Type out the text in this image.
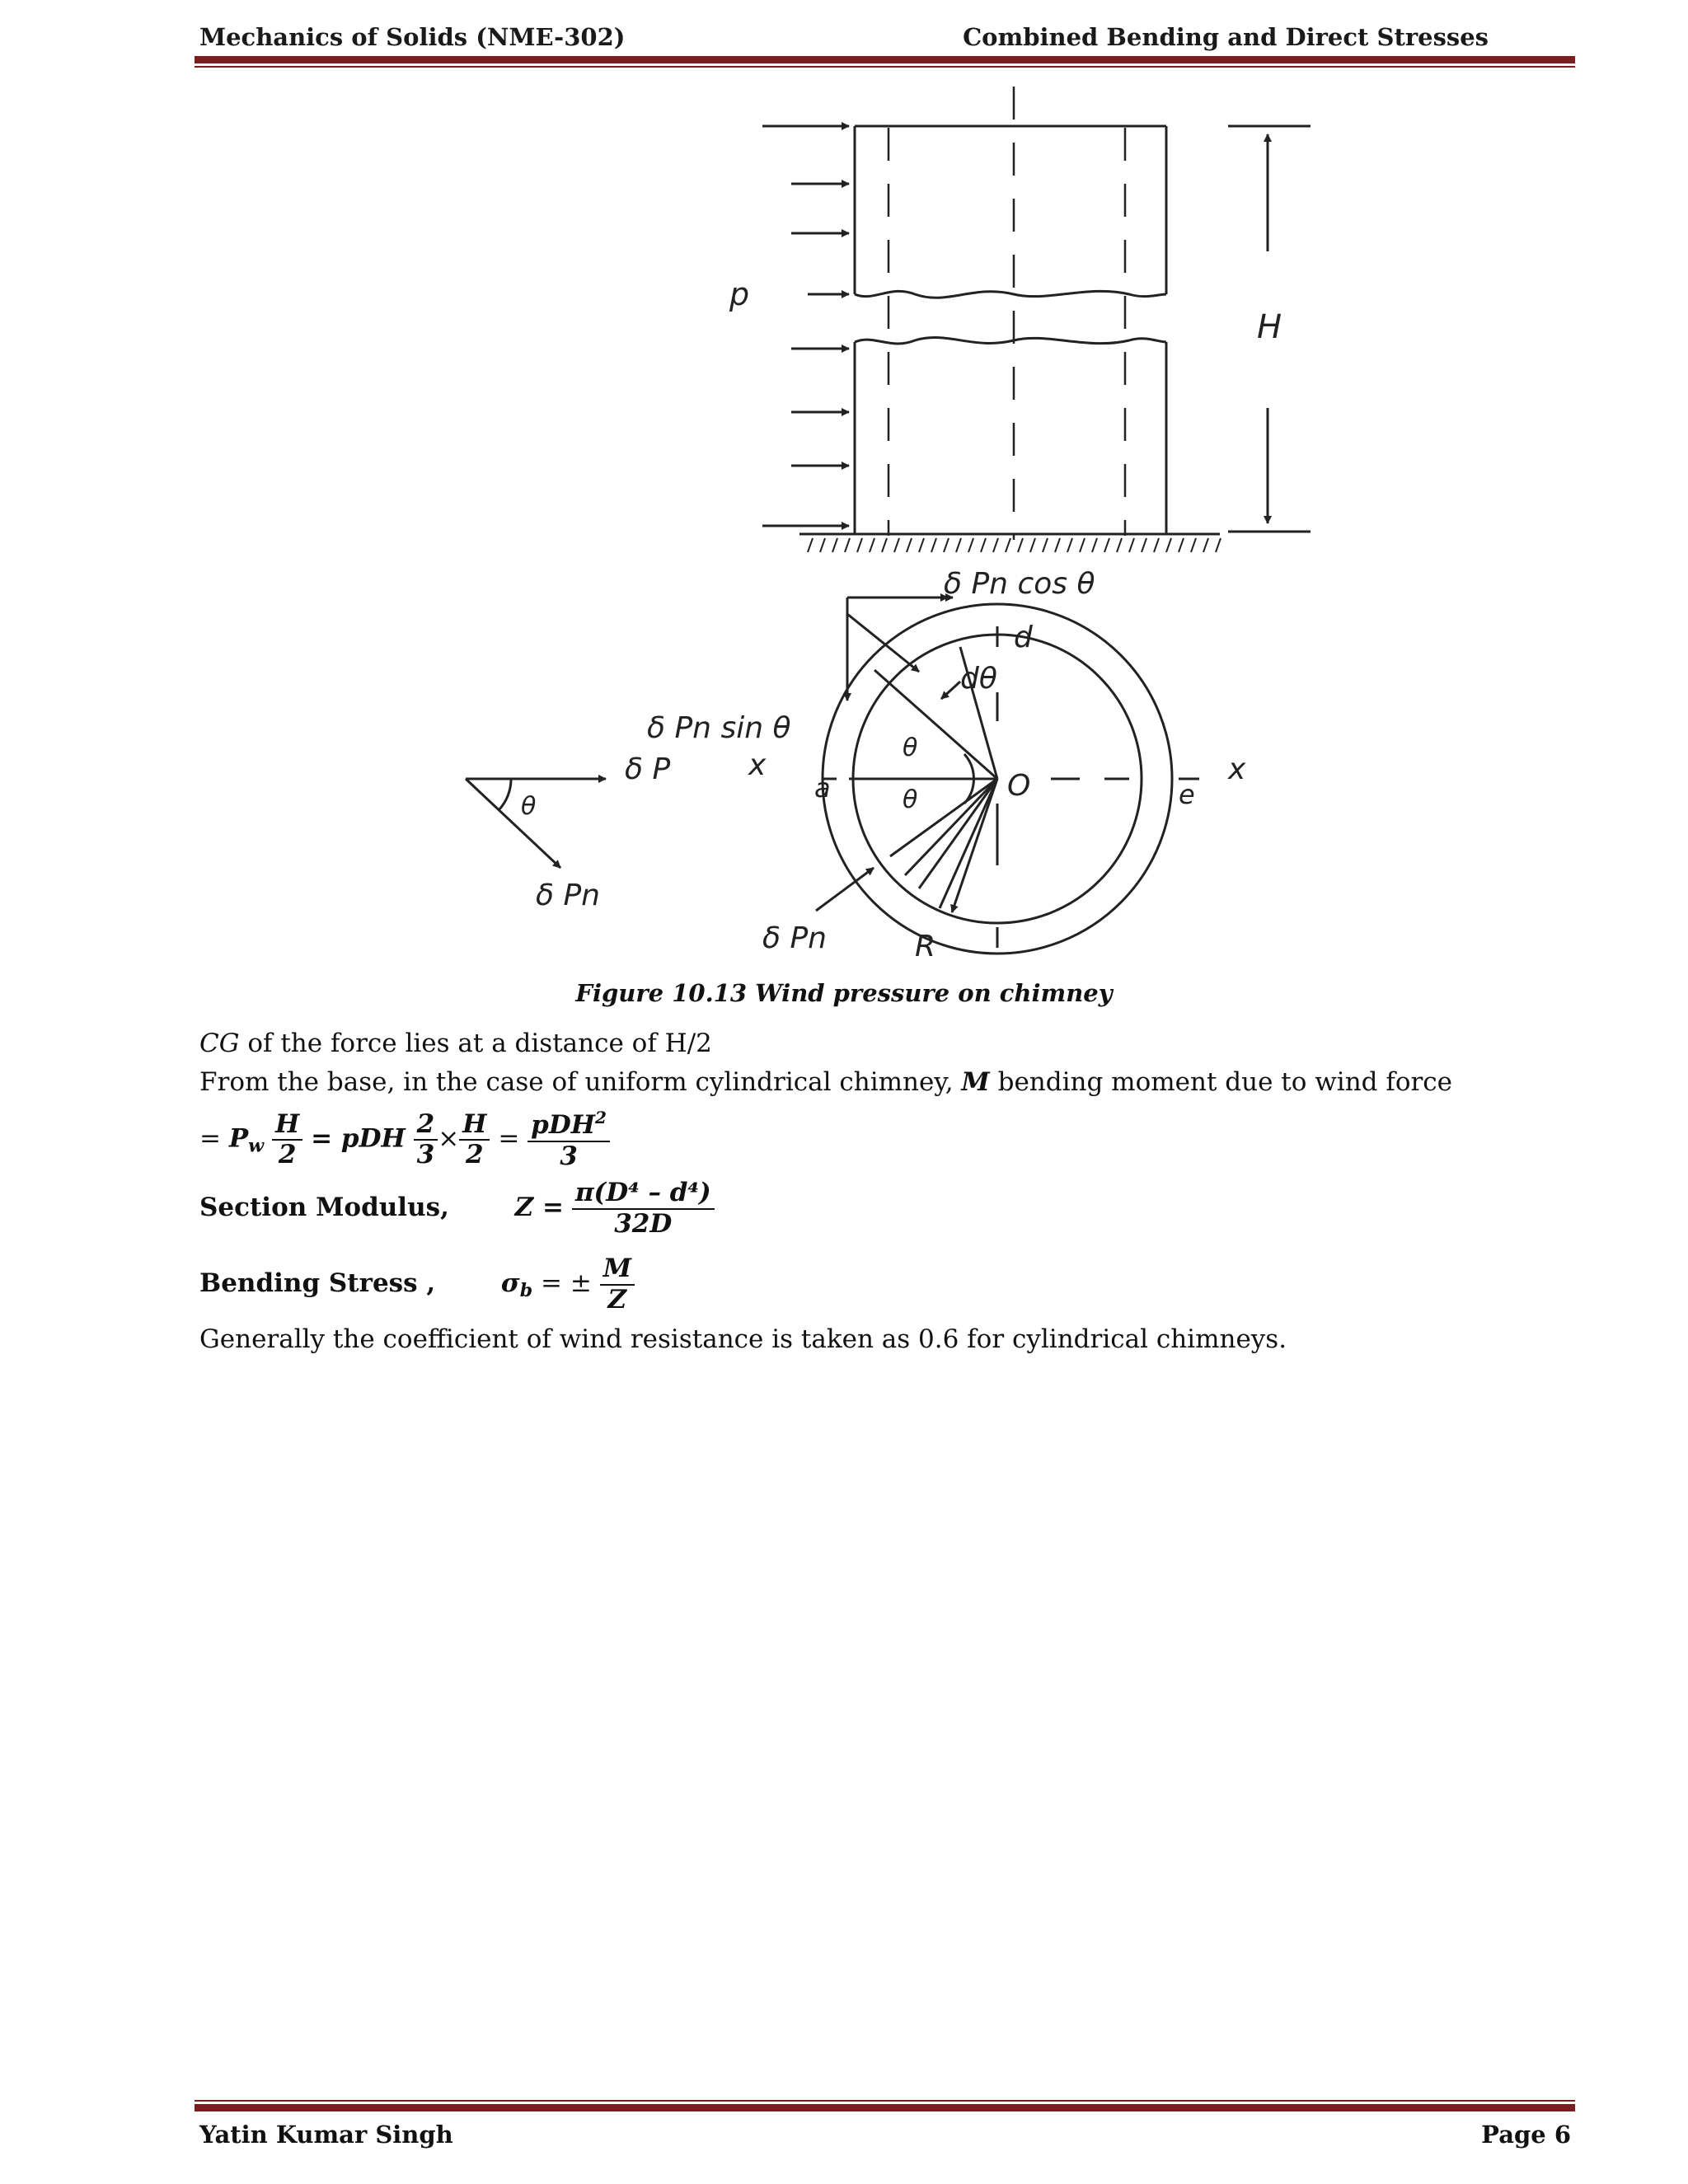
Mechanics of Solids (NME-302)	Combined Bending and Direct Stresses
p
H
δ Pn cos θ
d
dθ
δ Pn sin θ
δ P	x
a
θ
θ	O	e
x
δ Pn	R
θ
δ Pn
Figure 10.13 Wind pressure on chimney
CG of the force lies at a distance of H/2
From the base, in the case of uniform cylindrical chimney, M bending moment due to wind force
= $P_w \frac{H}{2}$ = pDH $\frac{2}{3} \times \frac{H}{2} = \frac{pDH^2}{3}$
Section Modulus,	$Z = \frac{\text{π(D⁴ – d⁴)}}{32D}$
Bending Stress ,	$\sigma_b$ = ± $\frac{M}{Z}$
Generally the coefficient of wind resistance is taken as 0.6 for cylindrical chimneys.
Yatin Kumar Singh	Page 6
